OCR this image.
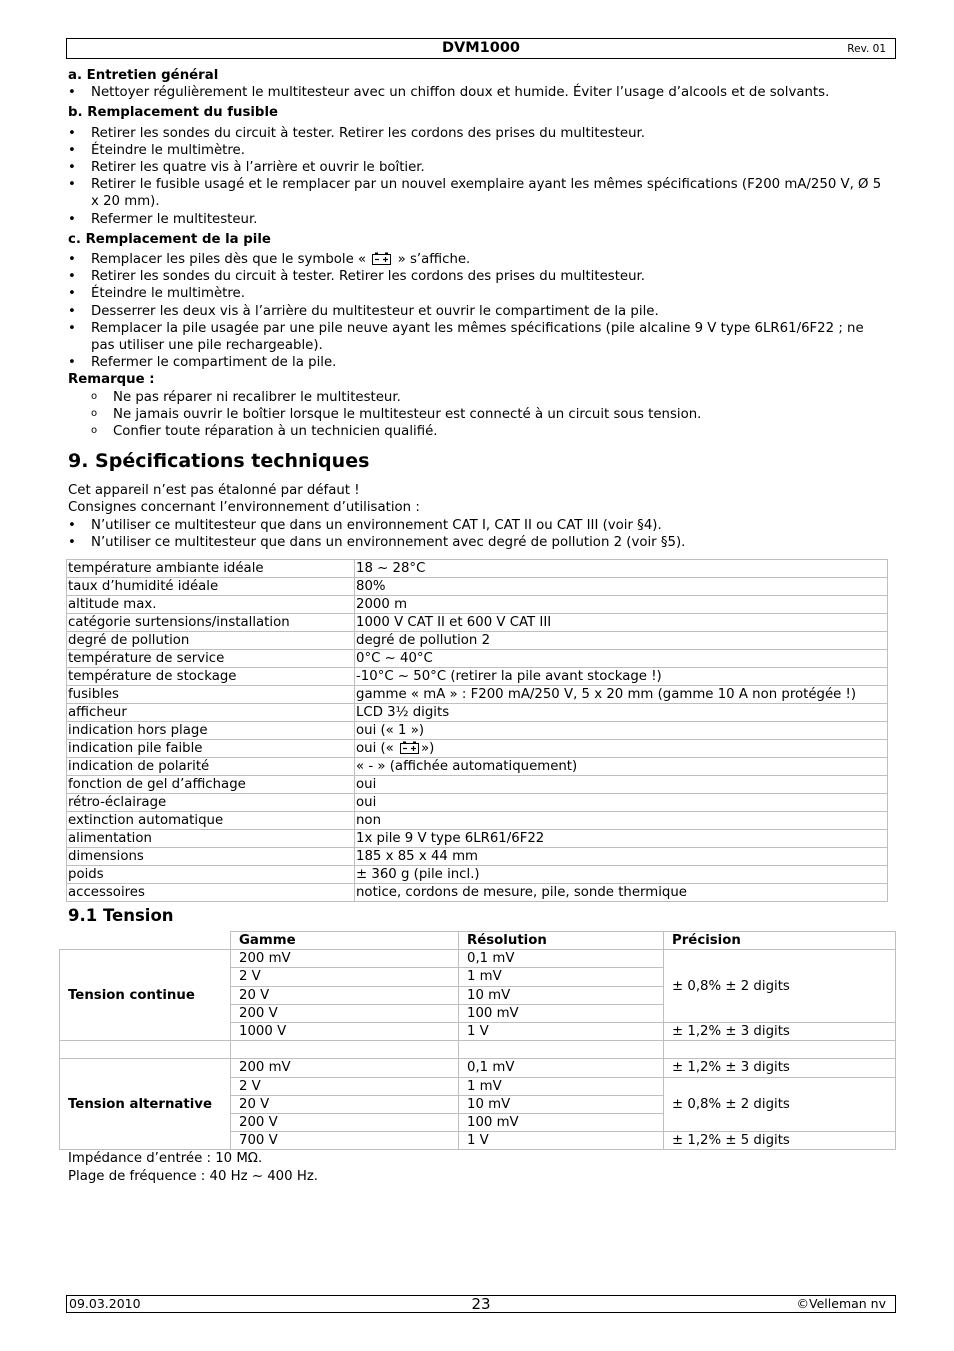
DVM1000	Rev. 01
a. Entretien général
• Nettoyer régulièrement le multitesteur avec un chiffon doux et humide. Éviter l’usage d’alcools et de solvants.
b. Remplacement du fusible
• Retirer les sondes du circuit à tester. Retirer les cordons des prises du multitesteur.
• Éteindre le multimètre.
• Retirer les quatre vis à l’arrière et ouvrir le boîtier.
• Retirer le fusible usagé et le remplacer par un nouvel exemplaire ayant les mêmes spécifications (F200 mA/250 V, Ø 5 x 20 mm).
• Refermer le multitesteur.
c. Remplacement de la pile
• Remplacer les piles dès que le symbole «
» s’affiche.
• Retirer les sondes du circuit à tester. Retirer les cordons des prises du multitesteur.
• Éteindre le multimètre.
• Desserrer les deux vis à l’arrière du multitesteur et ouvrir le compartiment de la pile.
• Remplacer la pile usagée par une pile neuve ayant les mêmes spécifications (pile alcaline 9 V type 6LR61/6F22 ; ne pas utiliser une pile rechargeable).
• Refermer le compartiment de la pile.
Remarque :
o Ne pas réparer ni recalibrer le multitesteur.
o Ne jamais ouvrir le boîtier lorsque le multitesteur est connecté à un circuit sous tension.
o Confier toute réparation à un technicien qualifié.
9. Spécifications techniques
Cet appareil n’est pas étalonné par défaut !
Consignes concernant l’environnement d’utilisation :
• N’utiliser ce multitesteur que dans un environnement CAT I, CAT II ou CAT III (voir §4).
• N’utiliser ce multitesteur que dans un environnement avec degré de pollution 2 (voir §5).
température ambiante idéale	18 ~ 28°C
taux d’humidité idéale	80%
altitude max.	2000 m
catégorie surtensions/installation	1000 V CAT II et 600 V CAT III
degré de pollution	degré de pollution 2
température de service	0°C ~ 40°C
température de stockage	-10°C ~ 50°C (retirer la pile avant stockage !)
fusibles	gamme « mA » : F200 mA/250 V, 5 x 20 mm (gamme 10 A non protégée !)
afficheur	LCD 3½ digits
indication hors plage	oui (« 1 »)
indication pile faible	oui («
»)
indication de polarité	« - » (affichée automatiquement)
fonction de gel d’affichage	oui
rétro-éclairage	oui
extinction automatique	non
alimentation	1x pile 9 V type 6LR61/6F22
dimensions	185 x 85 x 44 mm
poids	± 360 g (pile incl.)
accessoires	notice, cordons de mesure, pile, sonde thermique
9.1 Tension
	Gamme	Résolution	Précision
Tension continue	200 mV	0,1 mV	± 0,8% ± 2 digits
	2 V	1 mV	
	20 V	10 mV	
	200 V	100 mV	
	1000 V	1 V	± 1,2% ± 3 digits

Tension alternative	200 mV	0,1 mV	± 1,2% ± 3 digits
	2 V	1 mV	± 0,8% ± 2 digits
	20 V	10 mV	
	200 V	100 mV	
	700 V	1 V	± 1,2% ± 5 digits
Impédance d’entrée : 10 MΩ.
Plage de fréquence : 40 Hz ~ 400 Hz.
09.03.2010	23	©Velleman nv
